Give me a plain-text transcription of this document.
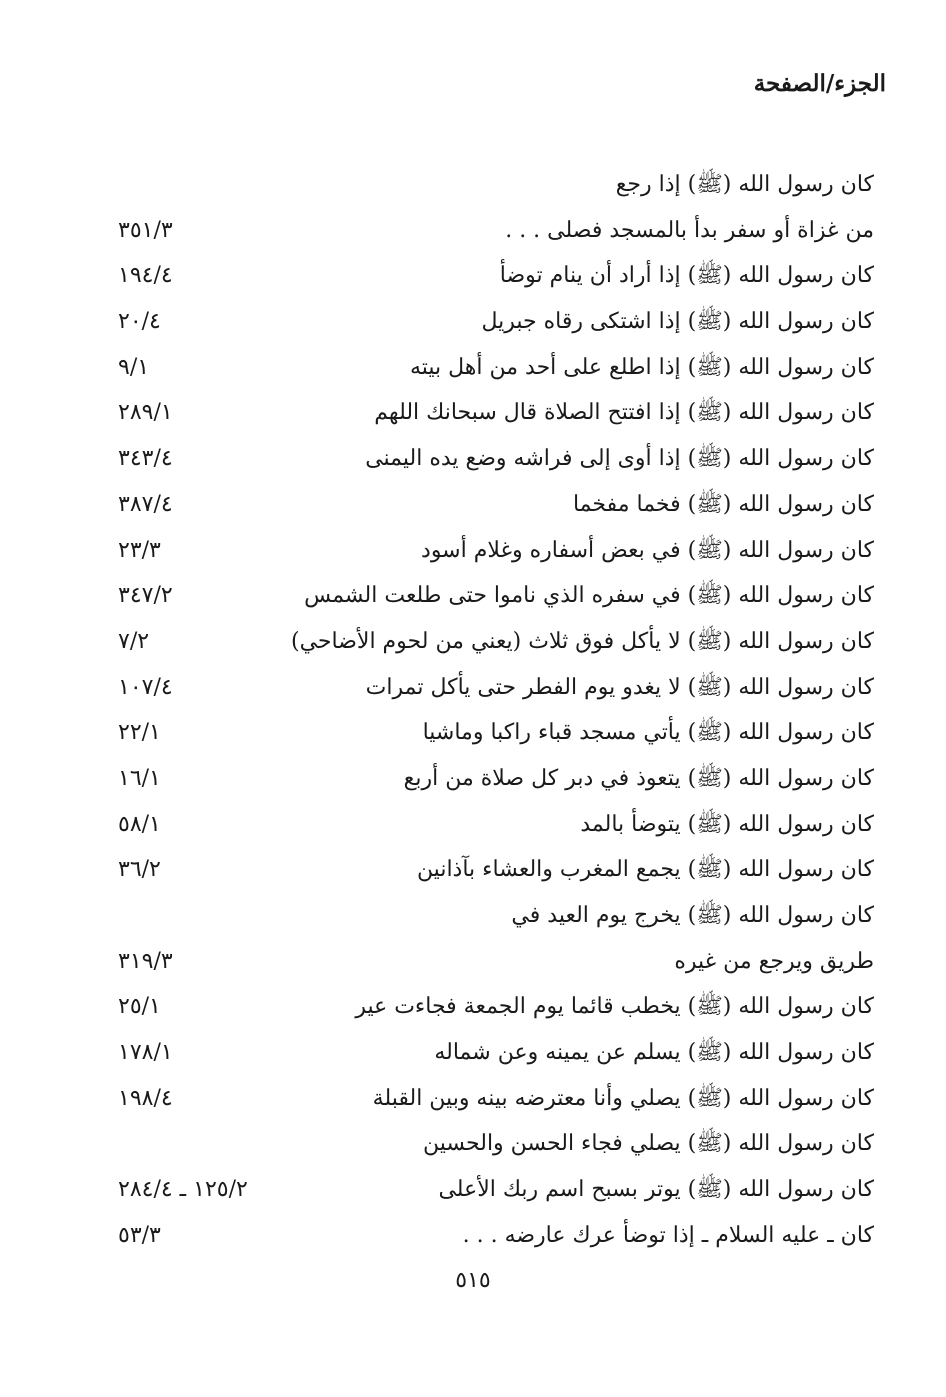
الجزء/الصفحة
كان رسول الله (ﷺ) إذا رجع
من غزاة أو سفر بدأ بالمسجد فصلى . . .
٣٥١/٣
كان رسول الله (ﷺ) إذا أراد أن ينام توضأ
١٩٤/٤
كان رسول الله (ﷺ) إذا اشتكى رقاه جبريل
٢٠/٤
كان رسول الله (ﷺ) إذا اطلع على أحد من أهل بيته
٩/١
كان رسول الله (ﷺ) إذا افتتح الصلاة قال سبحانك اللهم
٢٨٩/١
كان رسول الله (ﷺ) إذا أوى إلى فراشه وضع يده اليمنى
٣٤٣/٤
كان رسول الله (ﷺ) فخما مفخما
٣٨٧/٤
كان رسول الله (ﷺ) في بعض أسفاره وغلام أسود
٢٣/٣
كان رسول الله (ﷺ) في سفره الذي ناموا حتى طلعت الشمس
٣٤٧/٢
كان رسول الله (ﷺ) لا يأكل فوق ثلاث (يعني من لحوم الأضاحي)
٧/٢
كان رسول الله (ﷺ) لا يغدو يوم الفطر حتى يأكل تمرات
١٠٧/٤
كان رسول الله (ﷺ) يأتي مسجد قباء راكبا وماشيا
٢٢/١
كان رسول الله (ﷺ) يتعوذ في دبر كل صلاة من أربع
١٦/١
كان رسول الله (ﷺ) يتوضأ بالمد
٥٨/١
كان رسول الله (ﷺ) يجمع المغرب والعشاء بآذانين
٣٦/٢
كان رسول الله (ﷺ) يخرج يوم العيد في
طريق ويرجع من غيره
٣١٩/٣
كان رسول الله (ﷺ) يخطب قائما يوم الجمعة فجاءت عير
٢٥/١
كان رسول الله (ﷺ) يسلم عن يمينه وعن شماله
١٧٨/١
كان رسول الله (ﷺ) يصلي وأنا معترضه بينه وبين القبلة
١٩٨/٤
كان رسول الله (ﷺ) يصلي فجاء الحسن والحسين
كان رسول الله (ﷺ) يوتر بسبح اسم ربك الأعلى
١٢٥/٢ ـ ٢٨٤/٤
كان ـ عليه السلام ـ إذا توضأ عرك عارضه . . .
٥٣/٣
٥١٥
